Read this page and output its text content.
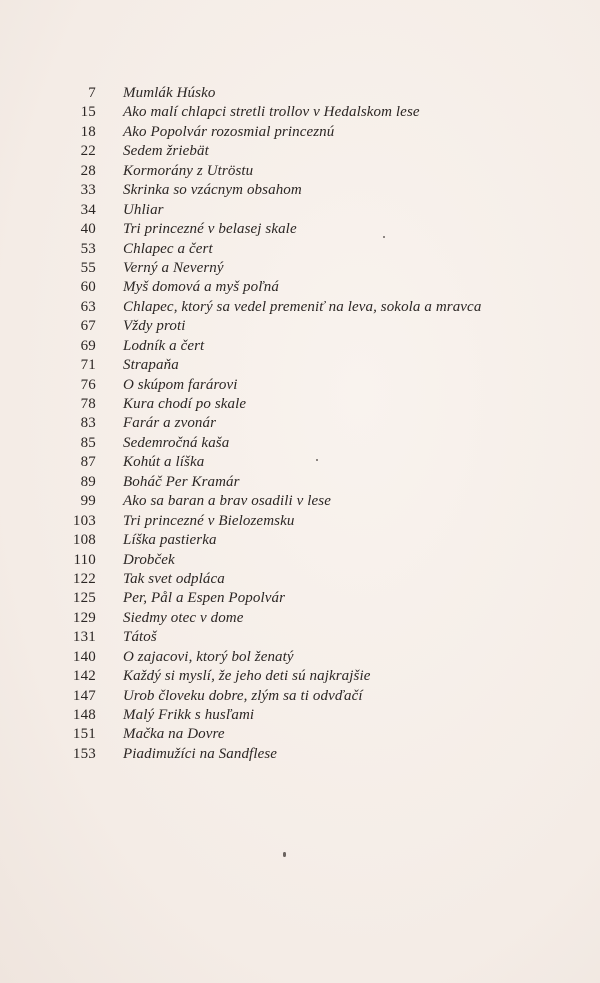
7 Mumlák Húsko
15 Ako malí chlapci stretli trollov v Hedalskom lese
18 Ako Popolvár rozosmial princeznú
22 Sedem žriebät
28 Kormorány z Utröstu
33 Skrinka so vzácnym obsahom
34 Uhliar
40 Tri princezné v belasej skale
53 Chlapec a čert
55 Verný a Neverný
60 Myš domová a myš poľná
63 Chlapec, ktorý sa vedel premeniť na leva, sokola a mravca
67 Vždy proti
69 Lodník a čert
71 Strapaňa
76 O skúpom farárovi
78 Kura chodí po skale
83 Farár a zvonár
85 Sedemročná kaša
87 Kohút a líška
89 Boháč Per Kramár
99 Ako sa baran a brav osadili v lese
103 Tri princezné v Bielozemsku
108 Líška pastierka
110 Drobček
122 Tak svet odpláca
125 Per, Pål a Espen Popolvár
129 Siedmy otec v dome
131 Tátoš
140 O zajacovi, ktorý bol ženatý
142 Každý si myslí, že jeho deti sú najkrajšie
147 Urob človeku dobre, zlým sa ti odvďačí
148 Malý Frikk s husľami
151 Mačka na Dovre
153 Piadimužíci na Sandflese
